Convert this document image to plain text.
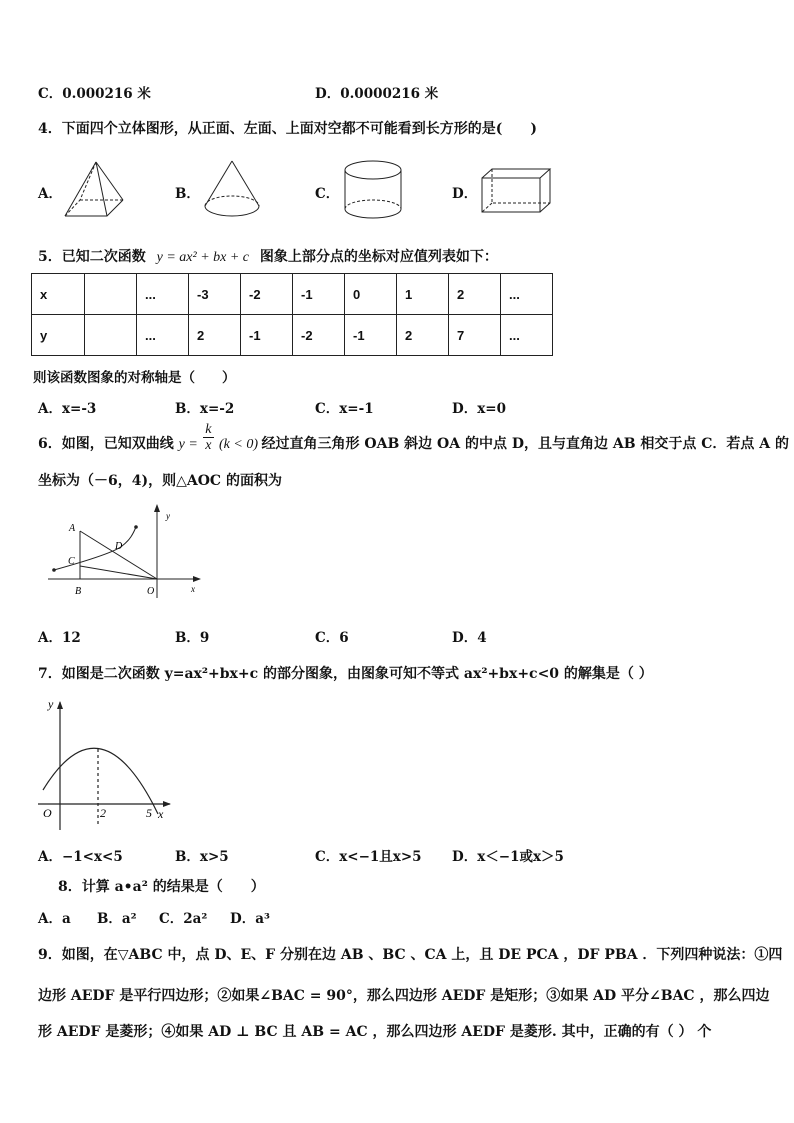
C．0.000216 米	D．0.0000216 米
4．下面四个立体图形，从正面、左面、上面对空都不可能看到长方形的是(　　)
A．	B．	C．	D．
5．已知二次函数 y = ax² + bx + c 图象上部分点的坐标对应值列表如下：
x		...	-3	-2	-1	0	1	2	...
y		...	2	-1	-2	-1	2	7	...
则该函数图象的对称轴是（　　）
A．x=-3	B．x=-2	C．x=-1	D．x=0
6．如图，已知双曲线 $y = \frac{k}{x} (k < 0)$ 经过直角三角形 OAB 斜边 OA 的中点 D，且与直角边 AB 相交于点 C．若点 A 的
坐标为（－6，4)，则△AOC 的面积为
A
C
D
B	O	x
y
A．12	B．9	C．6	D．4
7．如图是二次函数 y=ax²+bx+c 的部分图象，由图象可知不等式 ax²+bx+c<0 的解集是（ ）
y
O	2	5 x
A．−1<x<5	B．x>5	C．x<−1且x>5 D．x＜−1或x＞5
8．计算 a•a² 的结果是（　　）
A．a B．a² C．2a² D．a³
9．如图，在▽ABC 中，点 D、E、F 分别在边 AB 、BC 、CA 上，且 DE PCA ，DF PBA ．下列四种说法：①四
边形 AEDF 是平行四边形；②如果∠BAC = 90°，那么四边形 AEDF 是矩形；③如果 AD 平分∠BAC ，那么四边
形 AEDF 是菱形；④如果 AD ⊥ BC 且 AB = AC ，那么四边形 AEDF 是菱形. 其中，正确的有（ ） 个
